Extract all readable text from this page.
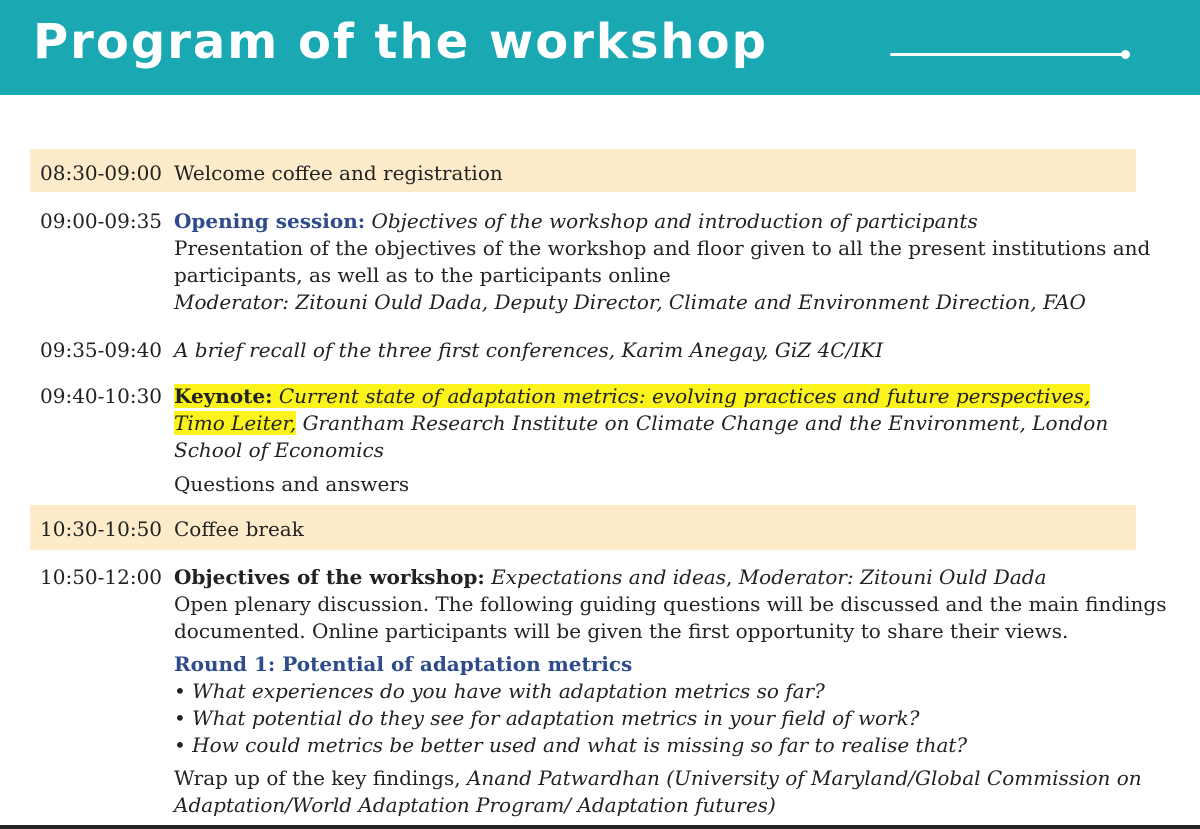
Program of the workshop
08:30-09:00 Welcome coffee and registration
09:00-09:35 Opening session: Objectives of the workshop and introduction of participants
Presentation of the objectives of the workshop and floor given to all the present institutions and
participants, as well as to the participants online
Moderator: Zitouni Ould Dada, Deputy Director, Climate and Environment Direction, FAO
09:35-09:40 A brief recall of the three first conferences, Karim Anegay, GiZ 4C/IKI
09:40-10:30 Keynote: Current state of adaptation metrics: evolving practices and future perspectives,
Timo Leiter, Grantham Research Institute on Climate Change and the Environment, London
School of Economics
Questions and answers
10:30-10:50 Coffee break
10:50-12:00 Objectives of the workshop: Expectations and ideas, Moderator: Zitouni Ould Dada
Open plenary discussion. The following guiding questions will be discussed and the main findings
documented. Online participants will be given the first opportunity to share their views.
Round 1: Potential of adaptation metrics
• What experiences do you have with adaptation metrics so far?
• What potential do they see for adaptation metrics in your field of work?
• How could metrics be better used and what is missing so far to realise that?
Wrap up of the key findings, Anand Patwardhan (University of Maryland/Global Commission on
Adaptation/World Adaptation Program/ Adaptation futures)
